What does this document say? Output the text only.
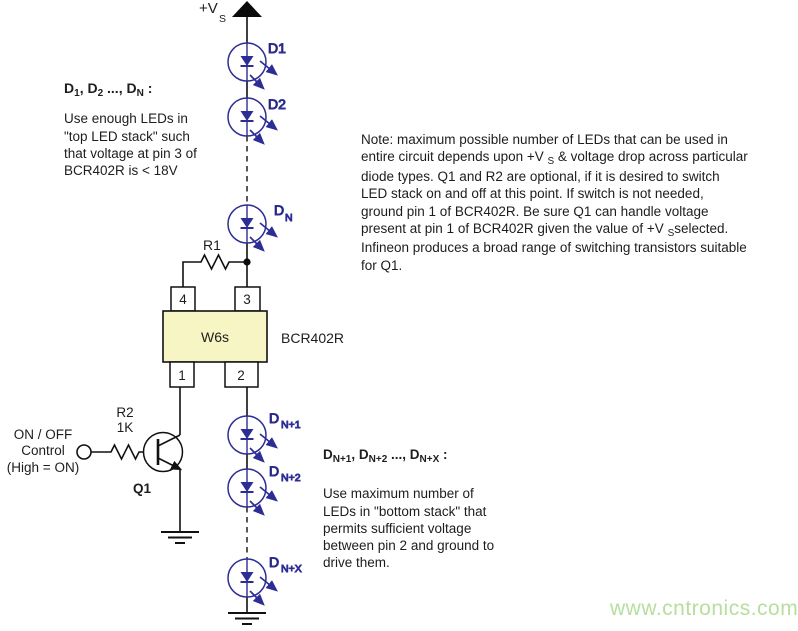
+V
S
D1
D2
D N
R1
4	3
1	2
W6s	BCR402R
R2
1K
Q1
D N+1
D N+2
D N+X
$D_1$, $D_2$ ..., $D_N$ :
Use enough LEDs in
"top LED stack" such
that voltage at pin 3 of
BCR402R is < 18V
Note: maximum possible number of LEDs that can be used in
entire circuit depends upon +V $_S$ & voltage drop across particular
diode types. Q1 and R2 are optional, if it is desired to switch
LED stack on and off at this point. If switch is not needed,
ground pin 1 of BCR402R. Be sure Q1 can handle voltage
present at pin 1 of BCR402R given the value of +V $_S$selected.
Infineon produces a broad range of switching transistors suitable
for Q1.
ON / OFF
Control
(High = ON)
$D_{N+1}$, $D_{N+2}$ ..., $D_{N+X}$ :
Use maximum number of
LEDs in "bottom stack" that
permits sufficient voltage
between pin 2 and ground to
drive them.
www.cntronics.com
